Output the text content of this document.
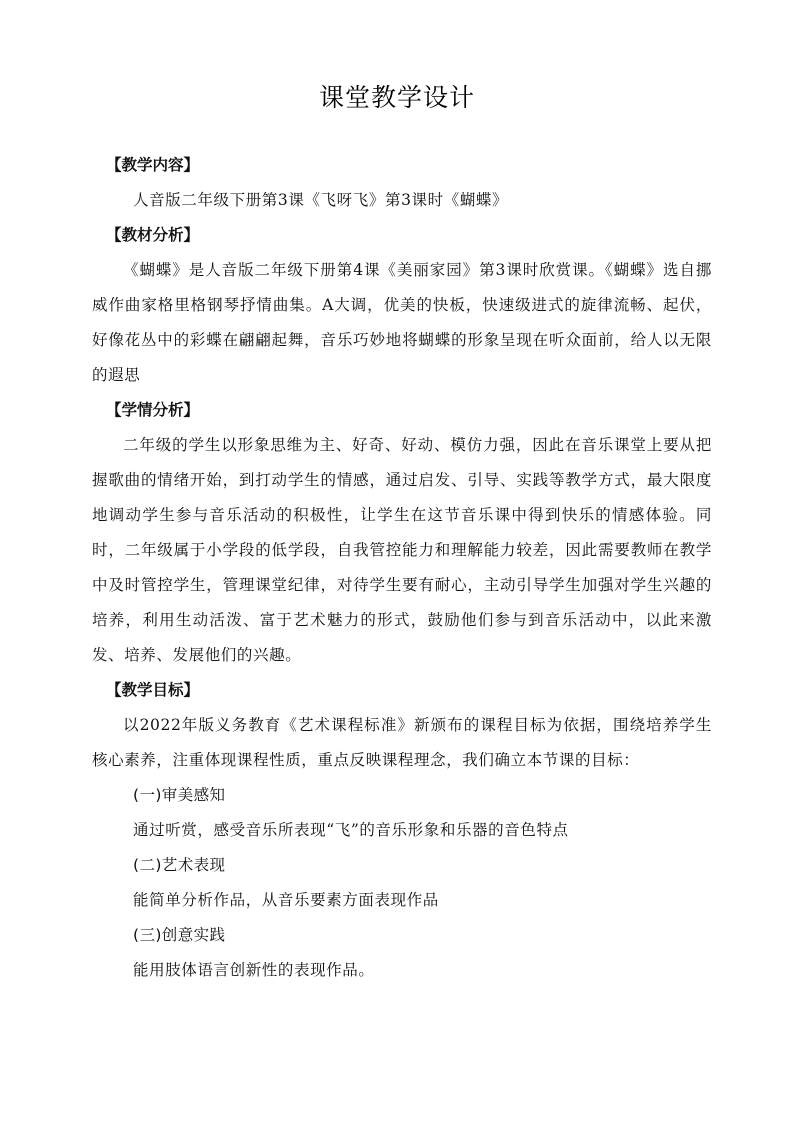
课堂教学设计
【教学内容】
人音版二年级下册第3课《飞呀飞》第3课时《蝴蝶》
【教材分析】

《蝴蝶》是人音版二年级下册第4课《美丽家园》第3课时欣赏课。《蝴蝶》选自挪威作曲家格里格钢琴抒情曲集。A大调，优美的快板，快速级进式的旋律流畅、起伏，好像花丛中的彩蝶在翩翩起舞，音乐巧妙地将蝴蝶的形象呈现在听众面前，给人以无限的遐思

【学情分析】

二年级的学生以形象思维为主、好奇、好动、模仿力强，因此在音乐课堂上要从把握歌曲的情绪开始，到打动学生的情感，通过启发、引导、实践等教学方式，最大限度地调动学生参与音乐活动的积极性，让学生在这节音乐课中得到快乐的情感体验。同时，二年级属于小学段的低学段，自我管控能力和理解能力较差，因此需要教师在教学中及时管控学生，管理课堂纪律，对待学生要有耐心，主动引导学生加强对学生兴趣的培养，利用生动活泼、富于艺术魅力的形式，鼓励他们参与到音乐活动中，以此来激发、培养、发展他们的兴趣。

【教学目标】

以2022年版义务教育《艺术课程标准》新颁布的课程目标为依据，围绕培养学生核心素养，注重体现课程性质，重点反映课程理念，我们确立本节课的目标：

(一)审美感知
通过听赏，感受音乐所表现“飞”的音乐形象和乐器的音色特点
(二)艺术表现
能简单分析作品，从音乐要素方面表现作品
(三)创意实践
能用肢体语言创新性的表现作品。
